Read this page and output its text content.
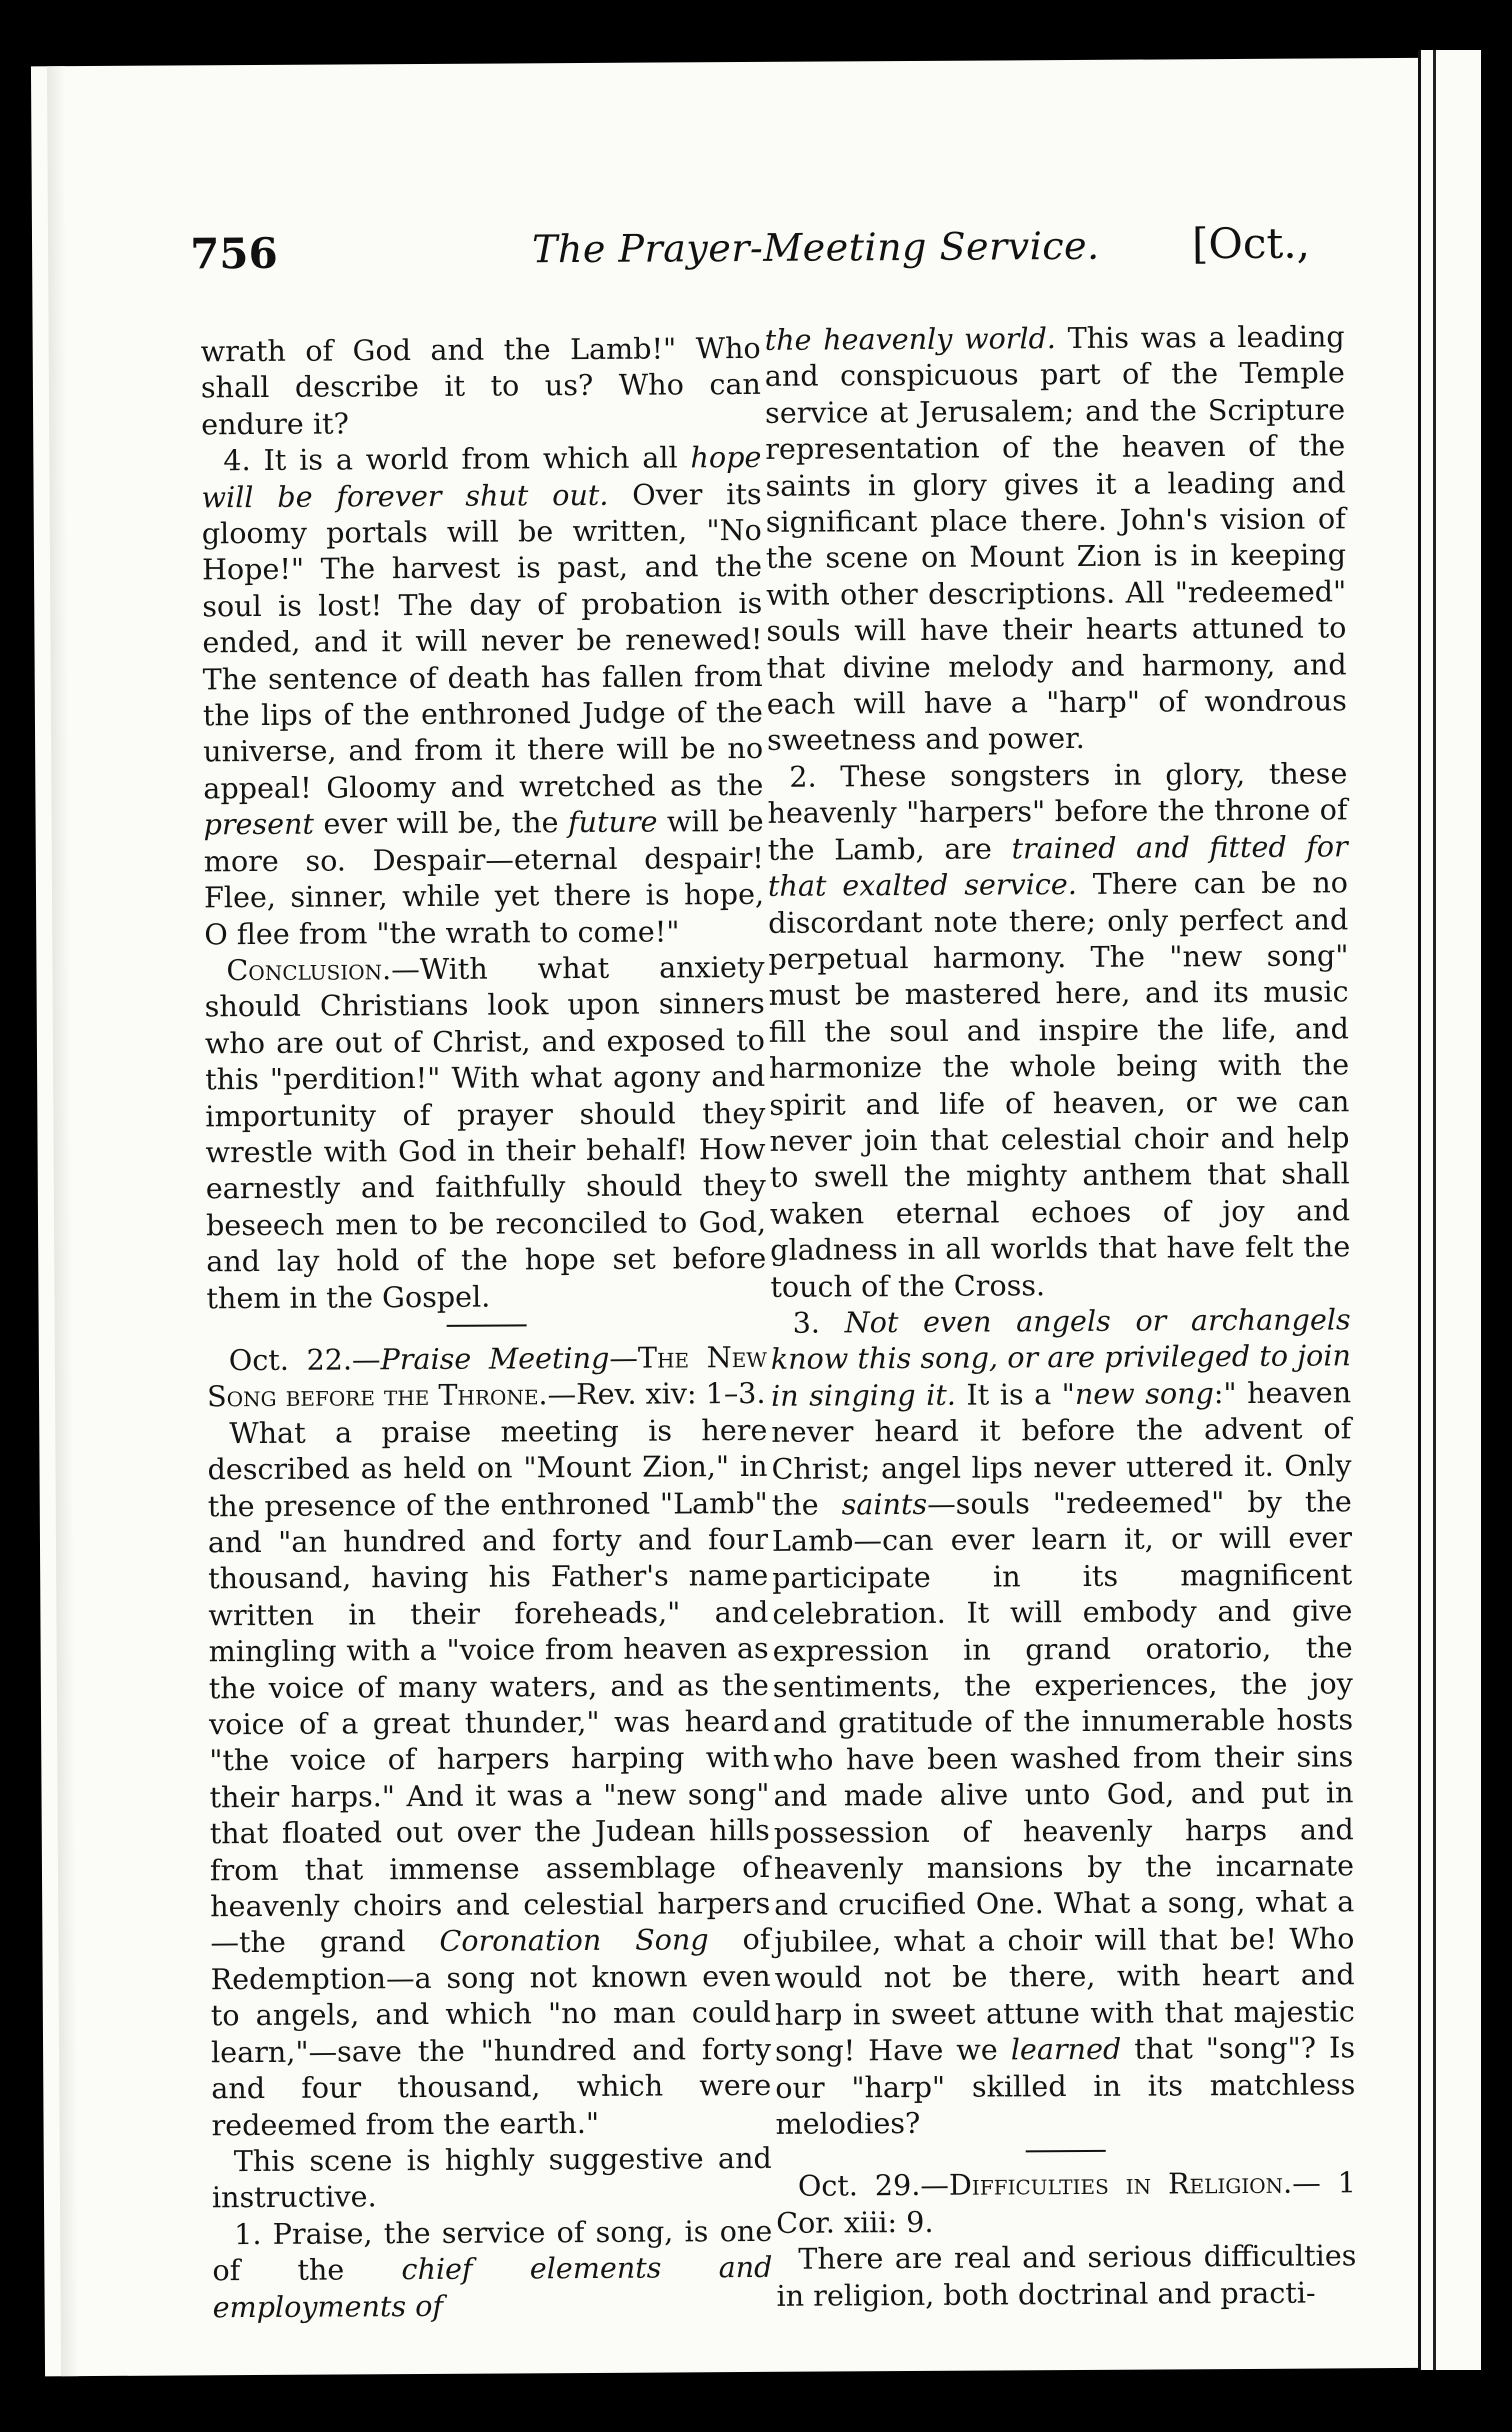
756	The Prayer-Meeting Service. [Oct.,

wrath of God and the Lamb!" Who shall describe it to us? Who can endure it?

4. It is a world from which all hope will be forever shut out. Over its gloomy portals will be written, "No Hope!" The harvest is past, and the soul is lost! The day of probation is ended, and it will never be renewed! The sentence of death has fallen from the lips of the enthroned Judge of the universe, and from it there will be no appeal! Gloomy and wretched as the present ever will be, the future will be more so. Despair—eternal despair! Flee, sinner, while yet there is hope, O flee from "the wrath to come!"

Conclusion.—With what anxiety should Christians look upon sinners who are out of Christ, and exposed to this "perdition!" With what agony and importunity of prayer should they wrestle with God in their behalf! How earnestly and faithfully should they beseech men to be reconciled to God, and lay hold of the hope set before them in the Gospel.

Oct. 22.—Praise Meeting—The New Song before the Throne.—Rev. xiv: 1–3.

What a praise meeting is here described as held on "Mount Zion," in the presence of the enthroned "Lamb" and "an hundred and forty and four thousand, having his Father's name written in their foreheads," and mingling with a "voice from heaven as the voice of many waters, and as the voice of a great thunder," was heard "the voice of harpers harping with their harps." And it was a "new song" that floated out over the Judean hills from that immense assemblage of heavenly choirs and celestial harpers—the grand Coronation Song of Redemption—a song not known even to angels, and which "no man could learn,"—save the "hundred and forty and four thousand, which were redeemed from the earth."

This scene is highly suggestive and instructive.

1. Praise, the service of song, is one of the chief elements and employments of

the heavenly world. This was a leading and conspicuous part of the Temple service at Jerusalem; and the Scripture representation of the heaven of the saints in glory gives it a leading and significant place there. John's vision of the scene on Mount Zion is in keeping with other descriptions. All "redeemed" souls will have their hearts attuned to that divine melody and harmony, and each will have a "harp" of wondrous sweetness and power.

2. These songsters in glory, these heavenly "harpers" before the throne of the Lamb, are trained and fitted for that exalted service. There can be no discordant note there; only perfect and perpetual harmony. The "new song" must be mastered here, and its music fill the soul and inspire the life, and harmonize the whole being with the spirit and life of heaven, or we can never join that celestial choir and help to swell the mighty anthem that shall waken eternal echoes of joy and gladness in all worlds that have felt the touch of the Cross.

3. Not even angels or archangels know this song, or are privileged to join in singing it. It is a "new song:" heaven never heard it before the advent of Christ; angel lips never uttered it. Only the saints—souls "redeemed" by the Lamb—can ever learn it, or will ever participate in its magnificent celebration. It will embody and give expression in grand oratorio, the sentiments, the experiences, the joy and gratitude of the innumerable hosts who have been washed from their sins and made alive unto God, and put in possession of heavenly harps and heavenly mansions by the incarnate and crucified One. What a song, what a jubilee, what a choir will that be! Who would not be there, with heart and harp in sweet attune with that majestic song! Have we learned that "song"? Is our "harp" skilled in its matchless melodies?

Oct. 29.—Difficulties in Religion.— 1 Cor. xiii: 9.

There are real and serious difficulties in religion, both doctrinal and practi-
